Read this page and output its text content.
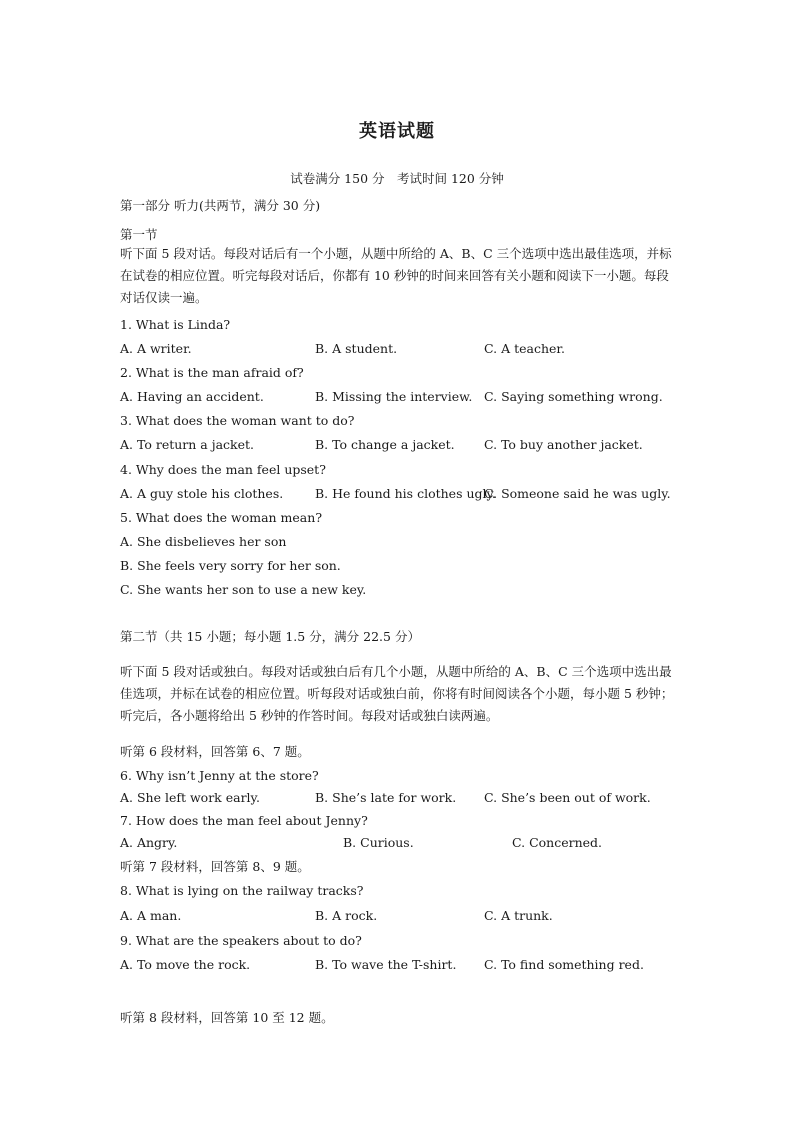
英语试题
试卷满分 150 分　考试时间 120 分钟
第一部分 听力(共两节，满分 30 分)
第一节
听下面 5 段对话。每段对话后有一个小题，从题中所给的 A、B、C 三个选项中选出最佳选项，并标在试卷的相应位置。听完每段对话后，你都有 10 秒钟的时间来回答有关小题和阅读下一小题。每段对话仅读一遍。
1. What is Linda?
A. A writer.	B. A student.	C. A teacher.
2. What is the man afraid of?
A. Having an accident.	B. Missing the interview. C. Saying something wrong.
3. What does the woman want to do?
A. To return a jacket.	B. To change a jacket. C. To buy another jacket.
4. Why does the man feel upset?
A. A guy stole his clothes.	B. He found his clothes ugly.
C. Someone said he was ugly.
5. What does the woman mean?
A. She disbelieves her son
B. She feels very sorry for her son.
C. She wants her son to use a new key.
第二节（共 15 小题；每小题 1.5 分，满分 22.5 分）
听下面 5 段对话或独白。每段对话或独白后有几个小题，从题中所给的 A、B、C 三个选项中选出最佳选项，并标在试卷的相应位置。听每段对话或独白前，你将有时间阅读各个小题，每小题 5 秒钟；听完后，各小题将给出 5 秒钟的作答时间。每段对话或独白读两遍。
听第 6 段材料，回答第 6、7 题。
6. Why isn’t Jenny at the store?
A. She left work early.	B. She’s late for work. C. She’s been out of work.
7. How does the man feel about Jenny?
A. Angry.	B. Curious.	C. Concerned.
听第 7 段材料，回答第 8、9 题。
8. What is lying on the railway tracks?
A. A man.	B. A rock.	C. A trunk.
9. What are the speakers about to do?
A. To move the rock.	B. To wave the T-shirt. C. To find something red.
听第 8 段材料，回答第 10 至 12 题。
